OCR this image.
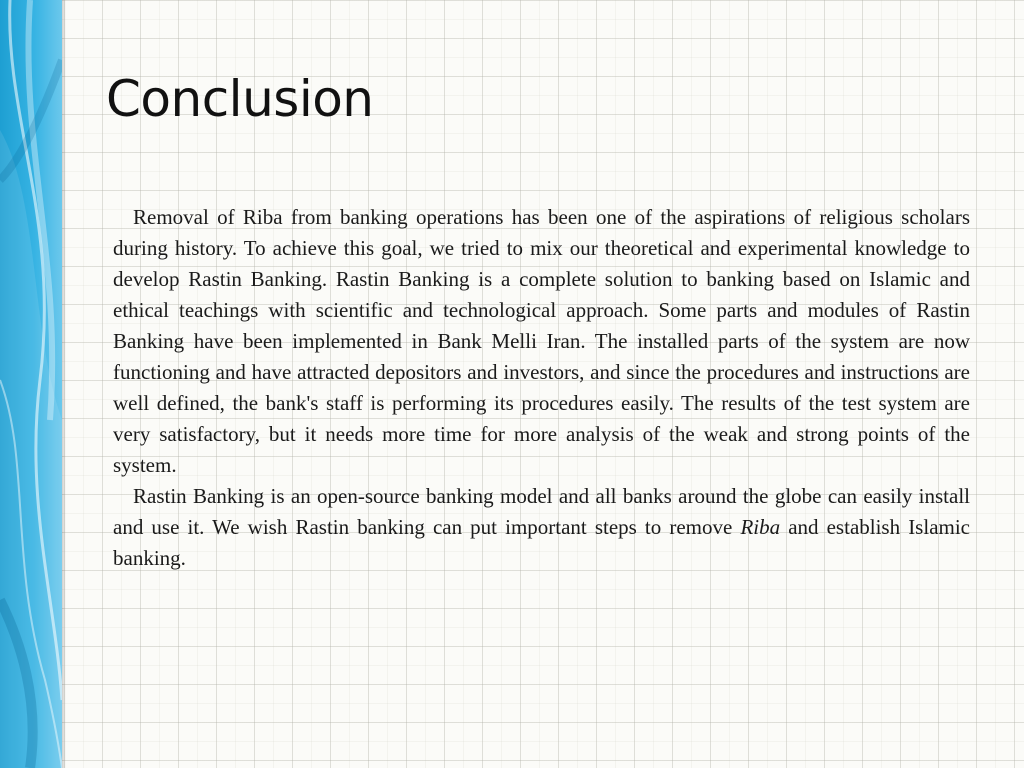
Conclusion

Removal of Riba from banking operations has been one of the aspirations of religious scholars during history. To achieve this goal, we tried to mix our theoretical and experimental knowledge to develop Rastin Banking. Rastin Banking is a complete solution to banking based on Islamic and ethical teachings with scientific and technological approach. Some parts and modules of Rastin Banking have been implemented in Bank Melli Iran. The installed parts of the system are now functioning and have attracted depositors and investors, and since the procedures and instructions are well defined, the bank's staff is performing its procedures easily. The results of the test system are very satisfactory, but it needs more time for more analysis of the weak and strong points of the system.

Rastin Banking is an open-source banking model and all banks around the globe can easily install and use it. We wish Rastin banking can put important steps to remove Riba and establish Islamic banking.
